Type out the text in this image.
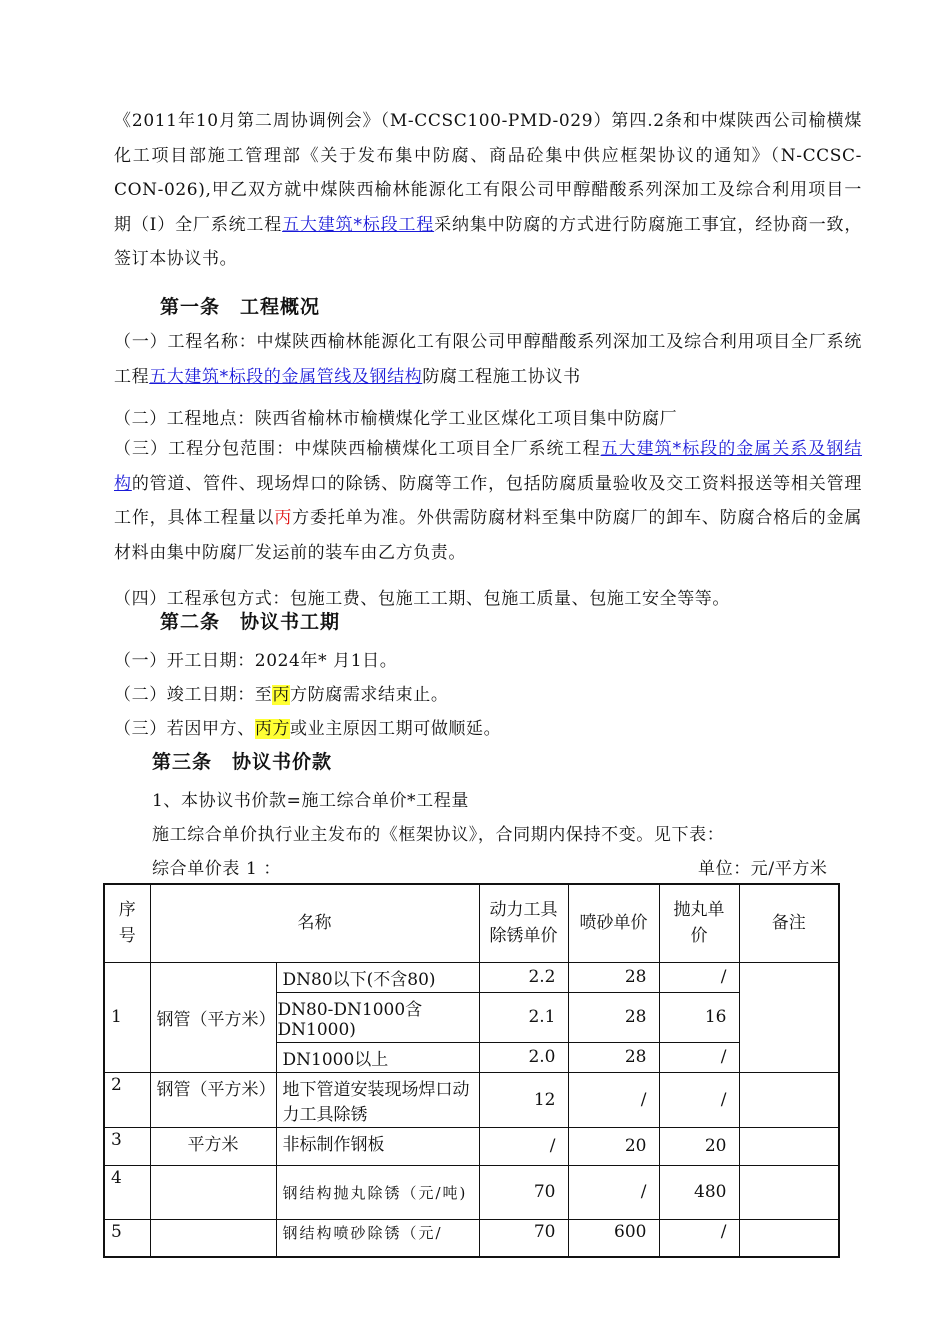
《2011年10月第二周协调例会》（M-CCSC100-PMD-029）第四.2条和中煤陕西公司榆横煤化工项目部施工管理部《关于发布集中防腐、商品砼集中供应框架协议的通知》（N-CCSC-CON-026),甲乙双方就中煤陕西榆林能源化工有限公司甲醇醋酸系列深加工及综合利用项目一期（I）全厂系统工程五大建筑*标段工程采纳集中防腐的方式进行防腐施工事宜，经协商一致，签订本协议书。
第一条　工程概况
（一）工程名称：中煤陕西榆林能源化工有限公司甲醇醋酸系列深加工及综合利用项目全厂系统工程五大建筑*标段的金属管线及钢结构防腐工程施工协议书
（二）工程地点：陕西省榆林市榆横煤化学工业区煤化工项目集中防腐厂
（三）工程分包范围：中煤陕西榆横煤化工项目全厂系统工程五大建筑*标段的金属关系及钢结构的管道、管件、现场焊口的除锈、防腐等工作，包括防腐质量验收及交工资料报送等相关管理工作，具体工程量以丙方委托单为准。外供需防腐材料至集中防腐厂的卸车、防腐合格后的金属材料由集中防腐厂发运前的装车由乙方负责。
（四）工程承包方式：包施工费、包施工工期、包施工质量、包施工安全等等。
第二条　协议书工期
（一）开工日期：2024年* 月1日。
（二）竣工日期：至丙方防腐需求结束止。
（三）若因甲方、丙方或业主原因工期可做顺延。
第三条　协议书价款
1、本协议书价款=施工综合单价*工程量
施工综合单价执行业主发布的《框架协议》，合同期内保持不变。见下表：
综合单价表 1 ：	单位：元/平方米
序号	名称		动力工具除锈单价	喷砂单价	抛丸单价	备注
1	钢管（平方米）	DN80以下(不含80)	2.2	28	/	
		DN80-DN1000含DN1000)	2.1	28	16	
		DN1000以上	2.0	28	/	
2	钢管（平方米）	地下管道安装现场焊口动力工具除锈	12	/	/	
3	平方米	非标制作钢板	/	20	20	
4		钢结构抛丸除锈（元/吨)	70	/	480	
5		钢结构喷砂除锈（元/	70	600	/	
